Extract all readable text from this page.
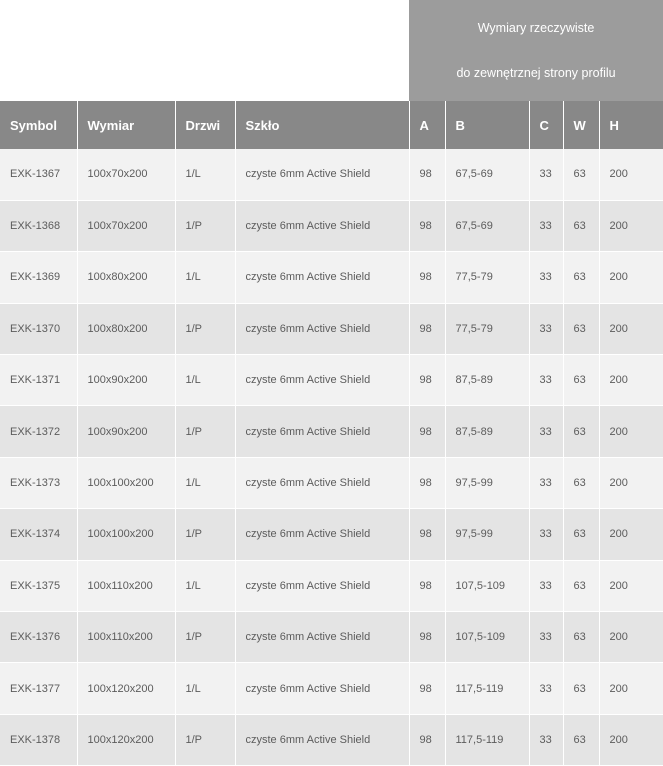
				Wymiary rzeczywiste
do zewnętrznej strony profilu				

Symbol	Wymiar	Drzwi	Szkło	A	B	C	W	H
EXK-1367	100x70x200	1/L	czyste 6mm Active Shield	98	67,5-69	33	63	200
EXK-1368	100x70x200	1/P	czyste 6mm Active Shield	98	67,5-69	33	63	200
EXK-1369	100x80x200	1/L	czyste 6mm Active Shield	98	77,5-79	33	63	200
EXK-1370	100x80x200	1/P	czyste 6mm Active Shield	98	77,5-79	33	63	200
EXK-1371	100x90x200	1/L	czyste 6mm Active Shield	98	87,5-89	33	63	200
EXK-1372	100x90x200	1/P	czyste 6mm Active Shield	98	87,5-89	33	63	200
EXK-1373	100x100x200	1/L	czyste 6mm Active Shield	98	97,5-99	33	63	200
EXK-1374	100x100x200	1/P	czyste 6mm Active Shield	98	97,5-99	33	63	200
EXK-1375	100x110x200	1/L	czyste 6mm Active Shield	98	107,5-109	33	63	200
EXK-1376	100x110x200	1/P	czyste 6mm Active Shield	98	107,5-109	33	63	200
EXK-1377	100x120x200	1/L	czyste 6mm Active Shield	98	117,5-119	33	63	200
EXK-1378	100x120x200	1/P	czyste 6mm Active Shield	98	117,5-119	33	63	200
